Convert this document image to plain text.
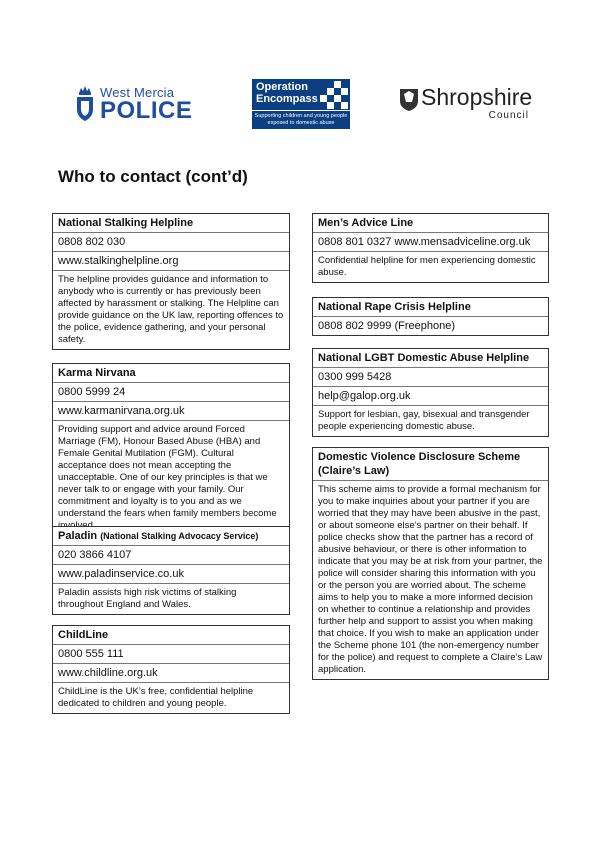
West Mercia
POLICE
Operation
Encompass
Supporting children and young people exposed to domestic abuse
Shropshire
Council
Who to contact (cont’d)
National Stalking Helpline
0808 802 030
www.stalkinghelpline.org
The helpline provides guidance and information to anybody who is currently or has previously been affected by harassment or stalking. The Helpline can provide guidance on the UK law, reporting offences to the police, evidence gathering, and your personal safety.
Karma Nirvana
0800 5999 24
www.karmanirvana.org.uk
Providing support and advice around Forced Marriage (FM), Honour Based Abuse (HBA) and Female Genital Mutilation (FGM). Cultural acceptance does not mean accepting the unacceptable. One of our key principles is that we never talk to or engage with your family. Our commitment and loyalty is to you and as we understand the fears when family members become
Paladin (National Stalking Advocacy Service)
020 3866 4107
www.paladinservice.co.uk
Paladin assists high risk victims of stalking throughout England and Wales.
ChildLine
0800 555 111
www.childline.org.uk
ChildLine is the UK’s free, confidential helpline dedicated to children and young people.
Men’s Advice Line
0808 801 0327 www.mensadviceline.org.uk
Confidential helpline for men experiencing domestic abuse.
National Rape Crisis Helpline
0808 802 9999 (Freephone)
National LGBT Domestic Abuse Helpline
0300 999 5428
help@galop.org.uk
Support for lesbian, gay, bisexual and transgender people experiencing domestic abuse.
Domestic Violence Disclosure Scheme (Claire’s Law)
This scheme aims to provide a formal mechanism for you to make inquiries about your partner if you are worried that they may have been abusive in the past, or about someone else’s partner on their behalf. If police checks show that the partner has a record of abusive behaviour, or there is other information to indicate that you may be at risk from your partner, the police will consider sharing this information with you or the person you are worried about. The scheme aims to help you to make a more informed decision on whether to continue a relationship and provides further help and support to assist you when making that choice. If you wish to make an application under the Scheme phone 101 (the non-emergency number for the police) and request to complete a Claire’s Law application.
